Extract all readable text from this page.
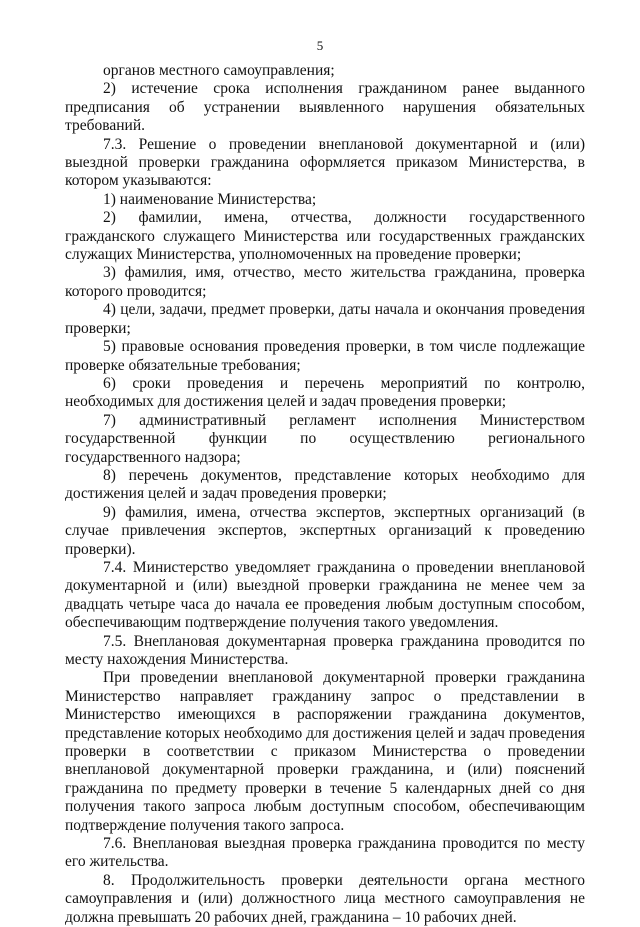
5

органов местного самоуправления;

2) истечение срока исполнения гражданином ранее выданного предписания об устранении выявленного нарушения обязательных требований.

7.3. Решение о проведении внеплановой документарной и (или) выездной проверки гражданина оформляется приказом Министерства, в котором указываются:

1) наименование Министерства;

2) фамилии, имена, отчества, должности государственного гражданского служащего Министерства или государственных гражданских служащих Министерства, уполномоченных на проведение проверки;

3) фамилия, имя, отчество, место жительства гражданина, проверка которого проводится;

4) цели, задачи, предмет проверки, даты начала и окончания проведения проверки;

5) правовые основания проведения проверки, в том числе подлежащие проверке обязательные требования;

6) сроки проведения и перечень мероприятий по контролю, необходимых для достижения целей и задач проведения проверки;

7) административный регламент исполнения Министерством государственной функции по осуществлению регионального государственного надзора;

8) перечень документов, представление которых необходимо для достижения целей и задач проведения проверки;

9) фамилия, имена, отчества экспертов, экспертных организаций (в случае привлечения экспертов, экспертных организаций к проведению проверки).

7.4. Министерство уведомляет гражданина о проведении внеплановой документарной и (или) выездной проверки гражданина не менее чем за двадцать четыре часа до начала ее проведения любым доступным способом, обеспечивающим подтверждение получения такого уведомления.

7.5. Внеплановая документарная проверка гражданина проводится по месту нахождения Министерства.

При проведении внеплановой документарной проверки гражданина Министерство направляет гражданину запрос о представлении в Министерство имеющихся в распоряжении гражданина документов, представление которых необходимо для достижения целей и задач проведения проверки в соответствии с приказом Министерства о проведении внеплановой документарной проверки гражданина, и (или) пояснений гражданина по предмету проверки в течение 5 календарных дней со дня получения такого запроса любым доступным способом, обеспечивающим подтверждение получения такого запроса.

7.6. Внеплановая выездная проверка гражданина проводится по месту его жительства.

8. Продолжительность проверки деятельности органа местного самоуправления и (или) должностного лица местного самоуправления не должна превышать 20 рабочих дней, гражданина – 10 рабочих дней.
